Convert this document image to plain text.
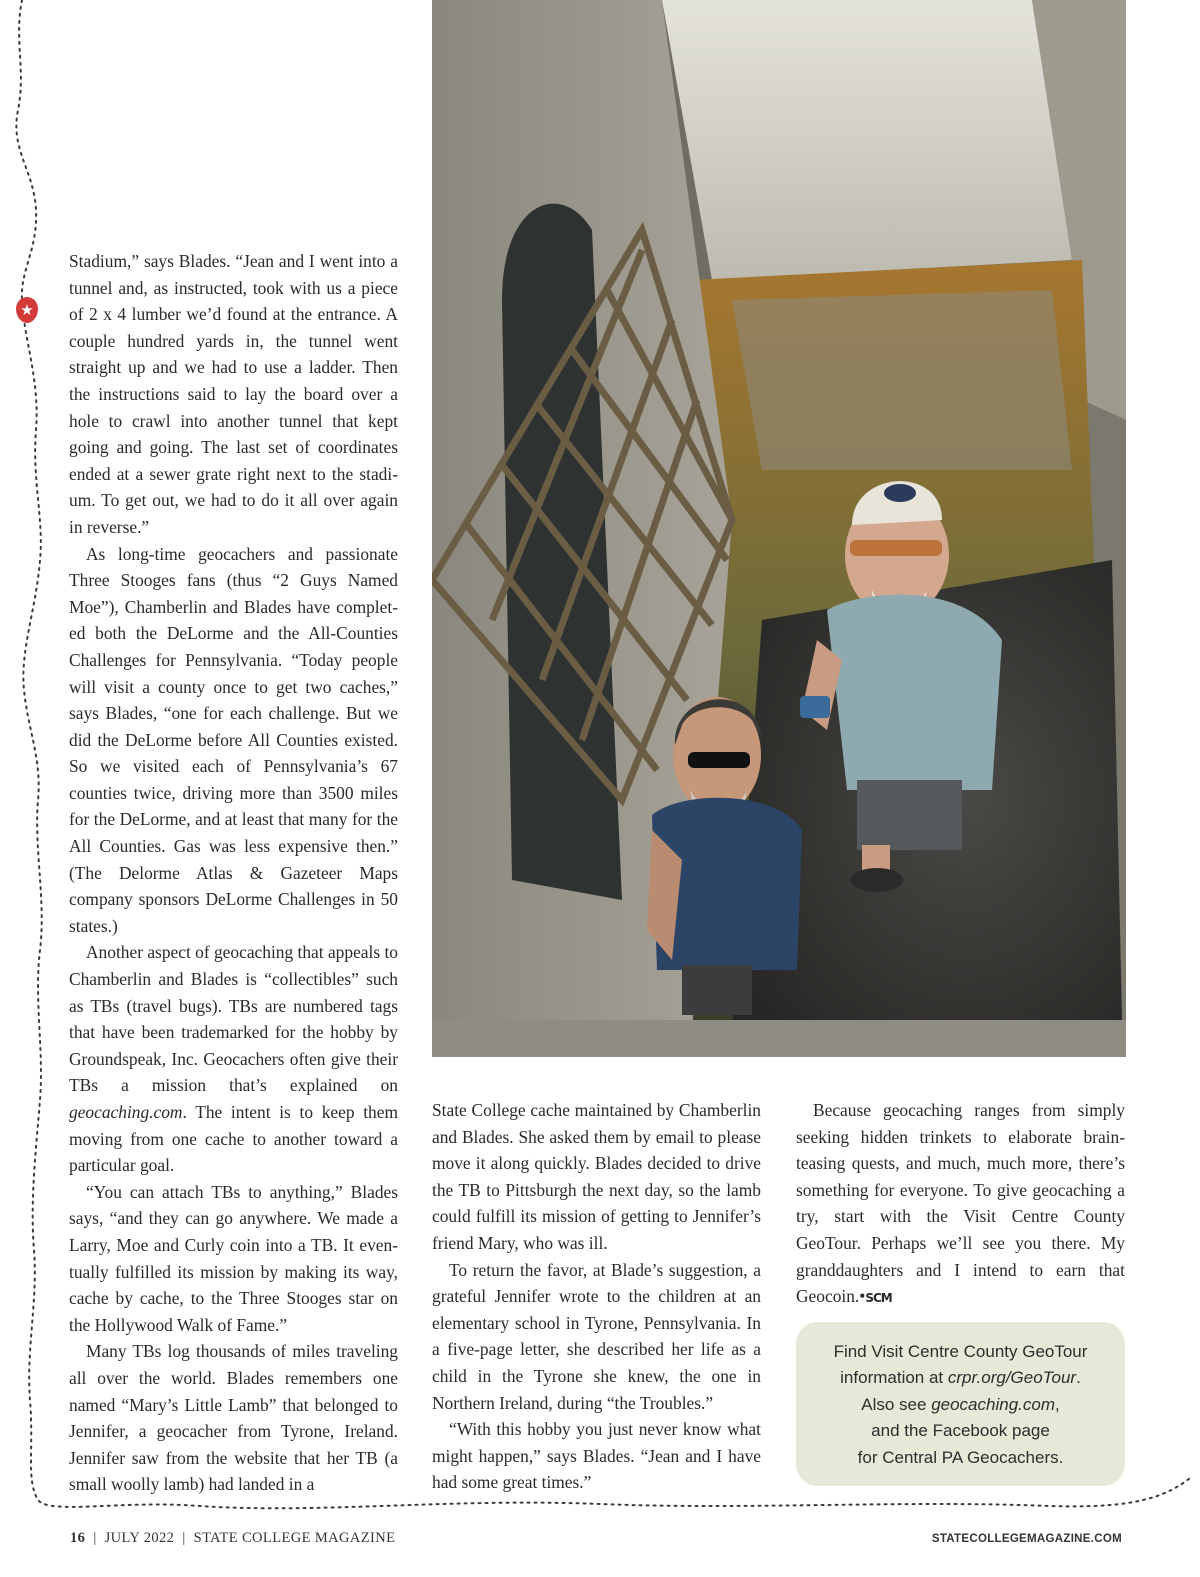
★

Stadium,” says Blades. “Jean and I went into a tunnel and, as instructed, took with us a piece of 2 x 4 lumber we’d found at the entrance. A couple hundred yards in, the tunnel went straight up and we had to use a ladder. Then the instructions said to lay the board over a hole to crawl into another tunnel that kept going and going. The last set of coordinates ended at a sewer grate right next to the stadium. To get out, we had to do it all over again in reverse.”

As long-time geocachers and passionate Three Stooges fans (thus “2 Guys Named Moe”), Chamberlin and Blades have completed both the DeLorme and the All-Counties Challenges for Pennsylvania. “Today people will visit a county once to get two caches,” says Blades, “one for each challenge. But we did the DeLorme before All Counties existed. So we visited each of Pennsylvania’s 67 counties twice, driving more than 3500 miles for the DeLorme, and at least that many for the All Counties. Gas was less expensive then.” (The Delorme Atlas & Gazeteer Maps company sponsors DeLorme Challenges in 50 states.)

Another aspect of geocaching that appeals to Chamberlin and Blades is “collectibles” such as TBs (travel bugs). TBs are numbered tags that have been trademarked for the hobby by Groundspeak, Inc. Geocachers often give their TBs a mission that’s explained on geocaching.com. The intent is to keep them moving from one cache to another toward a particular goal.

“You can attach TBs to anything,” Blades says, “and they can go anywhere. We made a Larry, Moe and Curly coin into a TB. It eventually fulfilled its mission by making its way, cache by cache, to the Three Stooges star on the Hollywood Walk of Fame.”

Many TBs log thousands of miles traveling all over the world. Blades remembers one named “Mary’s Little Lamb” that belonged to Jennifer, a geocacher from Tyrone, Ireland. Jennifer saw from the website that her TB (a small woolly lamb) had landed in a

State College cache maintained by Chamberlin and Blades. She asked them by email to please move it along quickly. Blades decided to drive the TB to Pittsburgh the next day, so the lamb could fulfill its mission of getting to Jennifer’s friend Mary, who was ill.

To return the favor, at Blade’s suggestion, a grateful Jennifer wrote to the children at an elementary school in Tyrone, Pennsylvania. In a five-page letter, she described her life as a child in the Tyrone she knew, the one in Northern Ireland, during “the Troubles.”

“With this hobby you just never know what might happen,” says Blades. “Jean and I have had some great times.”

Because geocaching ranges from simply seeking hidden trinkets to elaborate brain-teasing quests, and much, much more, there’s something for everyone. To give geocaching a try, start with the Visit Centre County GeoTour. Perhaps we’ll see you there. My granddaughters and I intend to earn that Geocoin.•SCM

Find Visit Centre County GeoTour
information at crpr.org/GeoTour.
Also see geocaching.com,
and the Facebook page
for Central PA Geocachers.
16 | JULY 2022 | STATE COLLEGE MAGAZINE	STATECOLLEGEMAGAZINE.COM
